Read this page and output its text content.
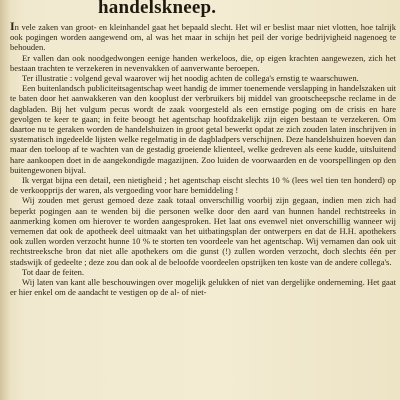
handelskneep.

In vele zaken van groot- en kleinhandel gaat het bepaald slecht. Het wil er beslist maar niet vlotten, hoe talrijk ook pogingen worden aangewend om, al was het maar in schijn het peil der vorige bedrijvigheid nagenoeg te behouden.

Er vallen dan ook noodgedwongen eenige handen werkeloos, die, op eigen krachten aangewezen, zich het bestaan trachten te verzekeren in nevenvakken of aanverwante beroepen.

Ter illustratie : volgend geval waarover wij het noodig achten de collega's ernstig te waarschuwen.

Een buitenlandsch publiciteitsagentschap weet handig de immer toenemende verslapping in handelszaken uit te baten door het aanwakkeren van den kooplust der verbruikers bij middel van grootscheepsche reclame in de dagbladen. Bij het vulgum pecus wordt de zaak voorgesteld als een ernstige poging om de crisis en hare gevolgen te keer te gaan; in feite beoogt het agentschap hoofdzakelijk zijn eigen bestaan te verzekeren. Om daartoe nu te geraken worden de handelshuizen in groot getal bewerkt opdat ze zich zouden laten inschrijven in systematisch ingedeelde lijsten welke regelmatig in de dagbladpers verschijnen. Deze handelshuizen hoeven dan maar den toeloop af te wachten van de gestadig groeiende klienteel, welke gedreven als eene kudde, uitsluitend hare aankoopen doet in de aangekondigde magazijnen. Zoo luiden de voorwaarden en de voorspellingen op den buitengewonen bijval.

Ik vergat bijna een detail, een nietigheid ; het agentschap eischt slechts 10 % (lees wel tien ten honderd) op de verkoopprijs der waren, als vergoeding voor hare bemiddeling !

Wij zouden met gerust gemoed deze zaak totaal onverschillig voorbij zijn gegaan, indien men zich had beperkt pogingen aan te wenden bij die personen welke door den aard van hunnen handel rechtstreeks in aanmerking komen om hierover te worden aangesproken. Het laat ons evenwel niet onverschillig wanneer wij vernemen dat ook de apotheek deel uitmaakt van het uitbatingsplan der ontwerpers en dat de H.H. apothekers ook zullen worden verzocht hunne 10 % te storten ten voordeele van het agentschap. Wij vernamen dan ook uit rechtstreeksche bron dat niet alle apothekers om die gunst (!) zullen worden verzocht, doch slechts één per stadswijk of gedeelte ; deze zou dan ook al de beloofde voordeelen opstrijken ten koste van de andere collega's.

Tot daar de feiten.

Wij laten van kant alle beschouwingen over mogelijk gelukken of niet van dergelijke onderneming. Het gaat er hier enkel om de aandacht te vestigen op de al- of niet-
